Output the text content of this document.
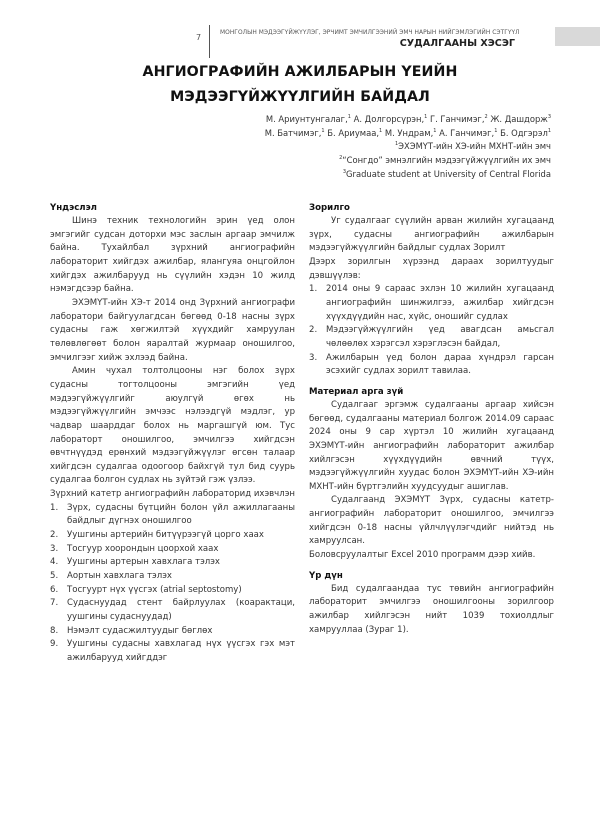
7	МОНГОЛЫН МЭДЭЭГҮЙЖҮҮЛЭГ, ЭРЧИМТ ЭМЧИЛГЭЭНИЙ ЭМЧ НАРЫН НИЙГЭМЛЭГИЙН СЭТГҮҮЛ
СУДАЛГААНЫ ХЭСЭГ
АНГИОГРАФИЙН АЖИЛБАРЫН ҮЕИЙН
МЭДЭЭГҮЙЖҮҮЛГИЙН БАЙДАЛ
М. Ариунтунгалаг,$^1$ А. Долгорсүрэн,$^1$ Г. Ганчимэг,$^2$ Ж. Дашдорж$^3$
М. Батчимэг,$^1$ Б. Ариумаа,$^1$ М. Ундрам,$^1$ А. Ганчимэг,$^1$ Б. Одгэрэл$^1$
$^1$ЭХЭМҮТ-ийн ХЭ-ийн МХНТ-ийн эмч
$^2$“Сонгдо” эмнэлгийн мэдээгүйжүүлгийн их эмч
$^3$Graduate student at University of Central Florida
Үндэслэл
Шинэ техник технологийн эрин үед олон эмгэгийг судсан доторхи мэс заслын аргаар эмчилж байна. Тухайлбал зүрхний ангиографийн лабораторит хийгдэх ажилбар, ялангуяа онцгойлон хийгдэх ажилбарууд нь сүүлийн хэдэн 10 жилд нэмэгдсээр байна.
ЭХЭМҮТ-ийн ХЭ-т 2014 онд Зүрхний ангиографи лаборатори байгуулагдсан бөгөөд 0-18 насны зүрх судасны гаж хөгжилтэй хүүхдийг хамруулан төлөвлөгөөт болон яаралтай журмаар оношилгоо, эмчилгээг хийж эхлээд байна.
Амин чухал толтолцооны нэг болох зүрх судасны тогтолцооны эмгэгийн үед мэдээгүйжүүлгийг аюулгүй өгөх нь мэдээгүйжүүлгийн эмчээс нэлээдгүй мэдлэг, ур чадвар шаарддаг болох нь маргашгүй юм. Тус лабораторт оношилгоо, эмчилгээ хийгдсэн өвчтнүүдэд ерөнхий мэдээгүйжүүлэг өгсөн талаар хийгдсэн судалгаа одоогоор байхгүй тул бид суурь судалгаа болгон судлах нь зүйтэй гэж үзлээ.
Зүрхний катетр ангиографийн лабораторид ихэвчлэн
1.	Зүрх, судасны бүтцийн болон үйл ажиллагааны байдлыг дүгнэх оношилгоо
2.	Уушгины артерийн битүүрээгүй цорго хаах
3.	Тосгуур хоорондын цоорхой хаах
4.	Уушгины артерын хавхлага тэлэх
5.	Аортын хавхлага тэлэх
6.	Тосгуурт нүх үүсгэх (atrial septostomy)
7.	Судаснуудад стент байрлуулах (коарактаци, уушгины судаснуудад)
8.	Нэмэлт судасжилтуудыг бөглөх
9.	Уушгины судасны хавхлагад нүх үүсгэх гэх мэт ажилбарууд хийгддэг
Зорилго
Уг судалгааг сүүлийн арван жилийн хугацаанд зүрх, судасны ангиографийн ажилбарын мэдээгүйжүүлгийн байдлыг судлах Зорилт
Дээрх зорилгын хүрээнд дараах зорилтуудыг дэвшүүлэв:
1.	2014 оны 9 сараас эхлэн 10 жилийн хугацаанд ангиографийн шинжилгээ, ажилбар хийгдсэн хүүхдүүдийн нас, хүйс, оношийг судлах
2.	Мэдээгүйжүүлгийн үед авагдсан амьсгал чөлөөлөх хэрэгсэл хэрэглэсэн байдал,
3.	Ажилбарын үед болон дараа хүндрэл гарсан эсэхийг судлах зорилт тавилаа.
Материал арга зүй
Судалгааг эргэмж судалгааны аргаар хийсэн бөгөөд, судалгааны материал болгож 2014.09 сараас 2024 оны 9 сар хүртэл 10 жилийн хугацаанд ЭХЭМҮТ-ийн ангиографийн лабораторит ажилбар хийлгэсэн хүүхдүүдийн өвчний түүх, мэдээгүйжүүлгийн хуудас болон ЭХЭМҮТ-ийн ХЭ-ийн МХНТ-ийн бүртгэлийн хуудсуудыг ашиглав.
Судалгаанд ЭХЭМҮТ Зүрх, судасны катетр-ангиографийн лабораторит оношилгоо, эмчилгээ хийгдсэн 0-18 насны үйлчлүүлэгчдийг нийтэд нь хамруулсан.
Боловсруулалтыг Excel 2010 программ дээр хийв.
Үр дүн
Бид судалгаандаа тус төвийн ангиографийн лабораторит эмчилгээ оношилгооны зорилгоор ажилбар хийлгэсэн нийт 1039 тохиолдлыг хамрууллаа (Зураг 1).
